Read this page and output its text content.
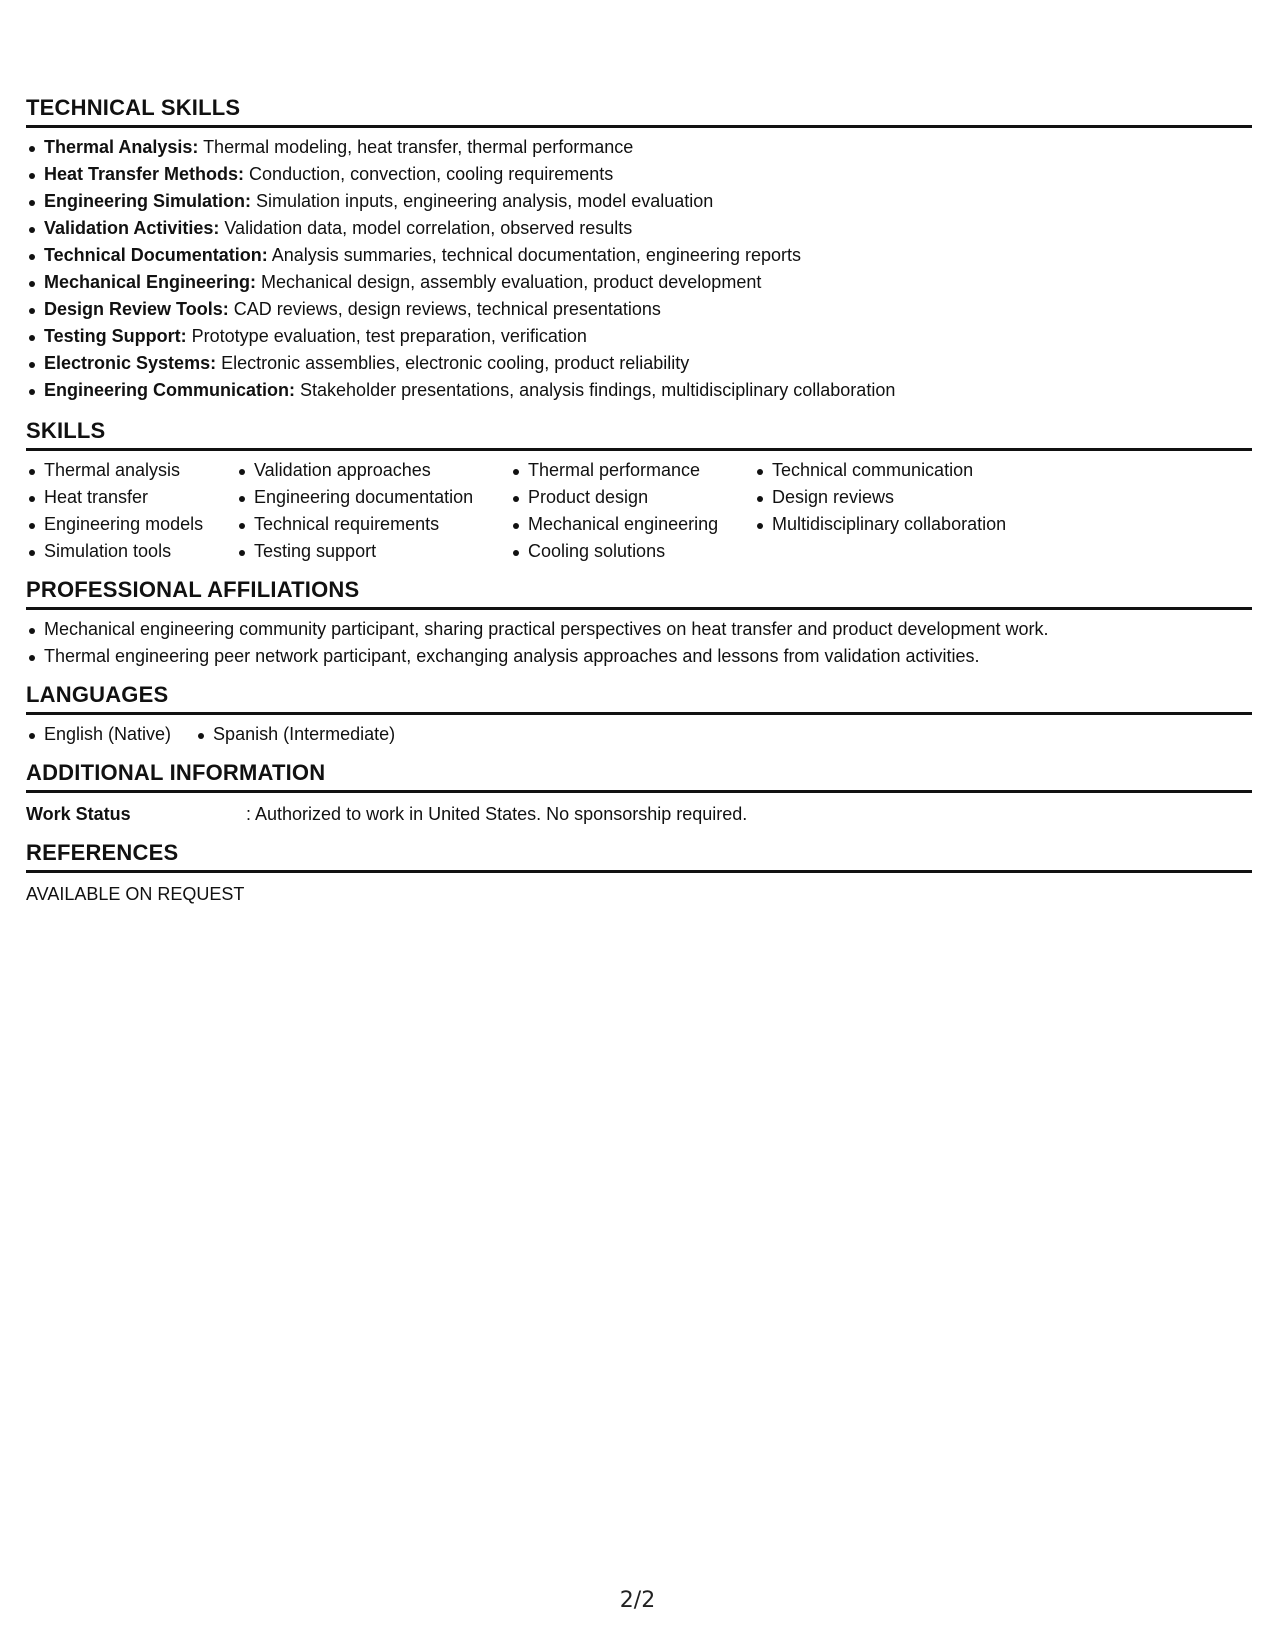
TECHNICAL SKILLS
Thermal Analysis: Thermal modeling, heat transfer, thermal performance
Heat Transfer Methods: Conduction, convection, cooling requirements
Engineering Simulation: Simulation inputs, engineering analysis, model evaluation
Validation Activities: Validation data, model correlation, observed results
Technical Documentation: Analysis summaries, technical documentation, engineering reports
Mechanical Engineering: Mechanical design, assembly evaluation, product development
Design Review Tools: CAD reviews, design reviews, technical presentations
Testing Support: Prototype evaluation, test preparation, verification
Electronic Systems: Electronic assemblies, electronic cooling, product reliability
Engineering Communication: Stakeholder presentations, analysis findings, multidisciplinary collaboration
SKILLS
Thermal analysis
Heat transfer
Engineering models
Simulation tools
Validation approaches
Engineering documentation
Technical requirements
Testing support
Thermal performance
Product design
Mechanical engineering
Cooling solutions
Technical communication
Design reviews
Multidisciplinary collaboration
PROFESSIONAL AFFILIATIONS
Mechanical engineering community participant, sharing practical perspectives on heat transfer and product development work.
Thermal engineering peer network participant, exchanging analysis approaches and lessons from validation activities.
LANGUAGES
English (Native)	Spanish (Intermediate)
ADDITIONAL INFORMATION
Work Status	: Authorized to work in United States. No sponsorship required.
REFERENCES
AVAILABLE ON REQUEST
2/2
